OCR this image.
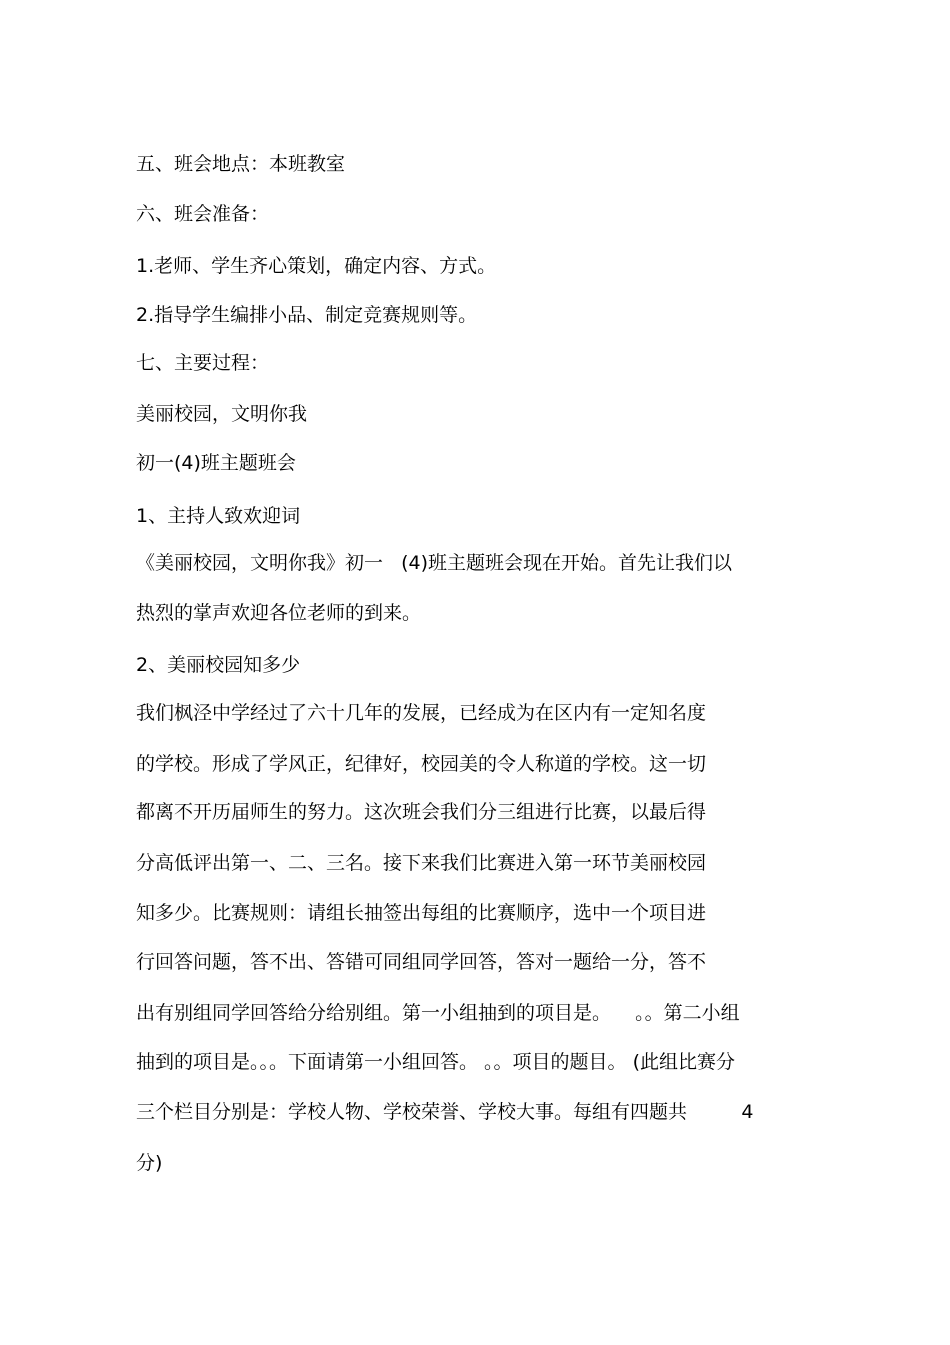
五、班会地点：本班教室
六、班会准备：
1.老师、学生齐心策划，确定内容、方式。
2.指导学生编排小品、制定竞赛规则等。
七、主要过程：
美丽校园，文明你我
初一(4)班主题班会
1、主持人致欢迎词
《美丽校园，文明你我》初一   (4)班主题班会现在开始。首先让我们以
热烈的掌声欢迎各位老师的到来。
2、美丽校园知多少
我们枫泾中学经过了六十几年的发展，已经成为在区内有一定知名度
的学校。形成了学风正，纪律好，校园美的令人称道的学校。这一切
都离不开历届师生的努力。这次班会我们分三组进行比赛，以最后得
分高低评出第一、二、三名。接下来我们比赛进入第一环节美丽校园
知多少。比赛规则：请组长抽签出每组的比赛顺序，选中一个项目进
行回答问题，答不出、答错可同组同学回答，答对一题给一分，答不
出有别组同学回答给分给别组。第一小组抽到的项目是。    。。第二小组
抽到的项目是。。。下面请第一小组回答。 。。项目的题目。 (此组比赛分
三个栏目分别是：学校人物、学校荣誉、学校大事。每组有四题共         4
分)
